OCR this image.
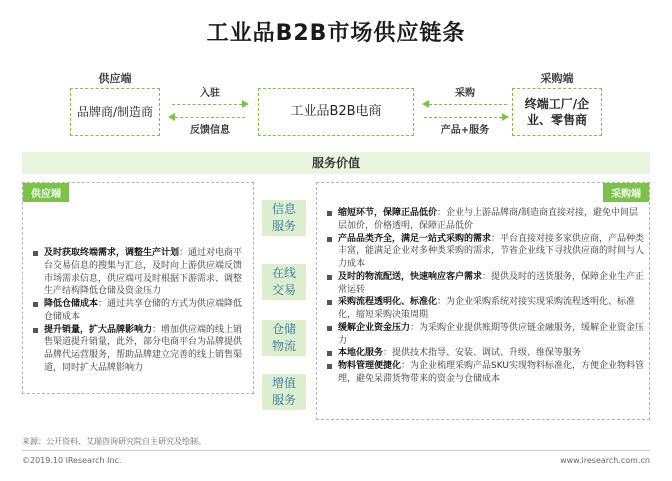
工业品B2B市场供应链条
供应端
品牌商/制造商
入驻
反馈信息
工业品B2B电商
采购
产品+服务
采购端
终端工厂/企业、零售商
服务价值
供应端
及时获取终端需求，调整生产计划：通过对电商平台交易信息的搜集与汇总，及时向上游供应端反馈市场需求信息，供应端可及时根据下游需求、调整生产结构降低仓储及资金压力
降低仓储成本：通过共享仓储的方式为供应端降低仓储成本
提升销量，扩大品牌影响力：增加供应端的线上销售渠道提升销量，此外，部分电商平台为品牌提供品牌代运营服务，帮助品牌建立完善的线上销售渠道，同时扩大品牌影响力
信息服务
在线交易
仓储物流
增值服务
采购端
缩短环节，保障正品低价：企业与上游品牌商/制造商直接对接，避免中间层层加价，价格透明，保障正品低价
产品品类齐全，满足一站式采购的需求：平台直接对接多家供应商，产品种类丰富，能满足企业对多种类采购的需求，节省企业线下寻找供应商的时间与人力成本
及时的物流配送，快速响应客户需求：提供及时的送货服务，保障企业生产正常运转
采购流程透明化、标准化：为企业采购系统对接实现采购流程透明化、标准化，缩短采购决策周期
缓解企业资金压力：为采购企业提供账期等供应链金融服务，缓解企业资金压力
本地化服务：提供技术指导、安装、调试、升级、维保等服务
物料管理便捷化：为企业梳理采购产品SKU实现物料标准化，方便企业物料管理，避免呆滞货物带来的资金与仓储成本
来源：公开资料、艾瑞咨询研究院自主研究及绘制。
©2019.10 iResearch Inc.	www.iresearch.com.cn
